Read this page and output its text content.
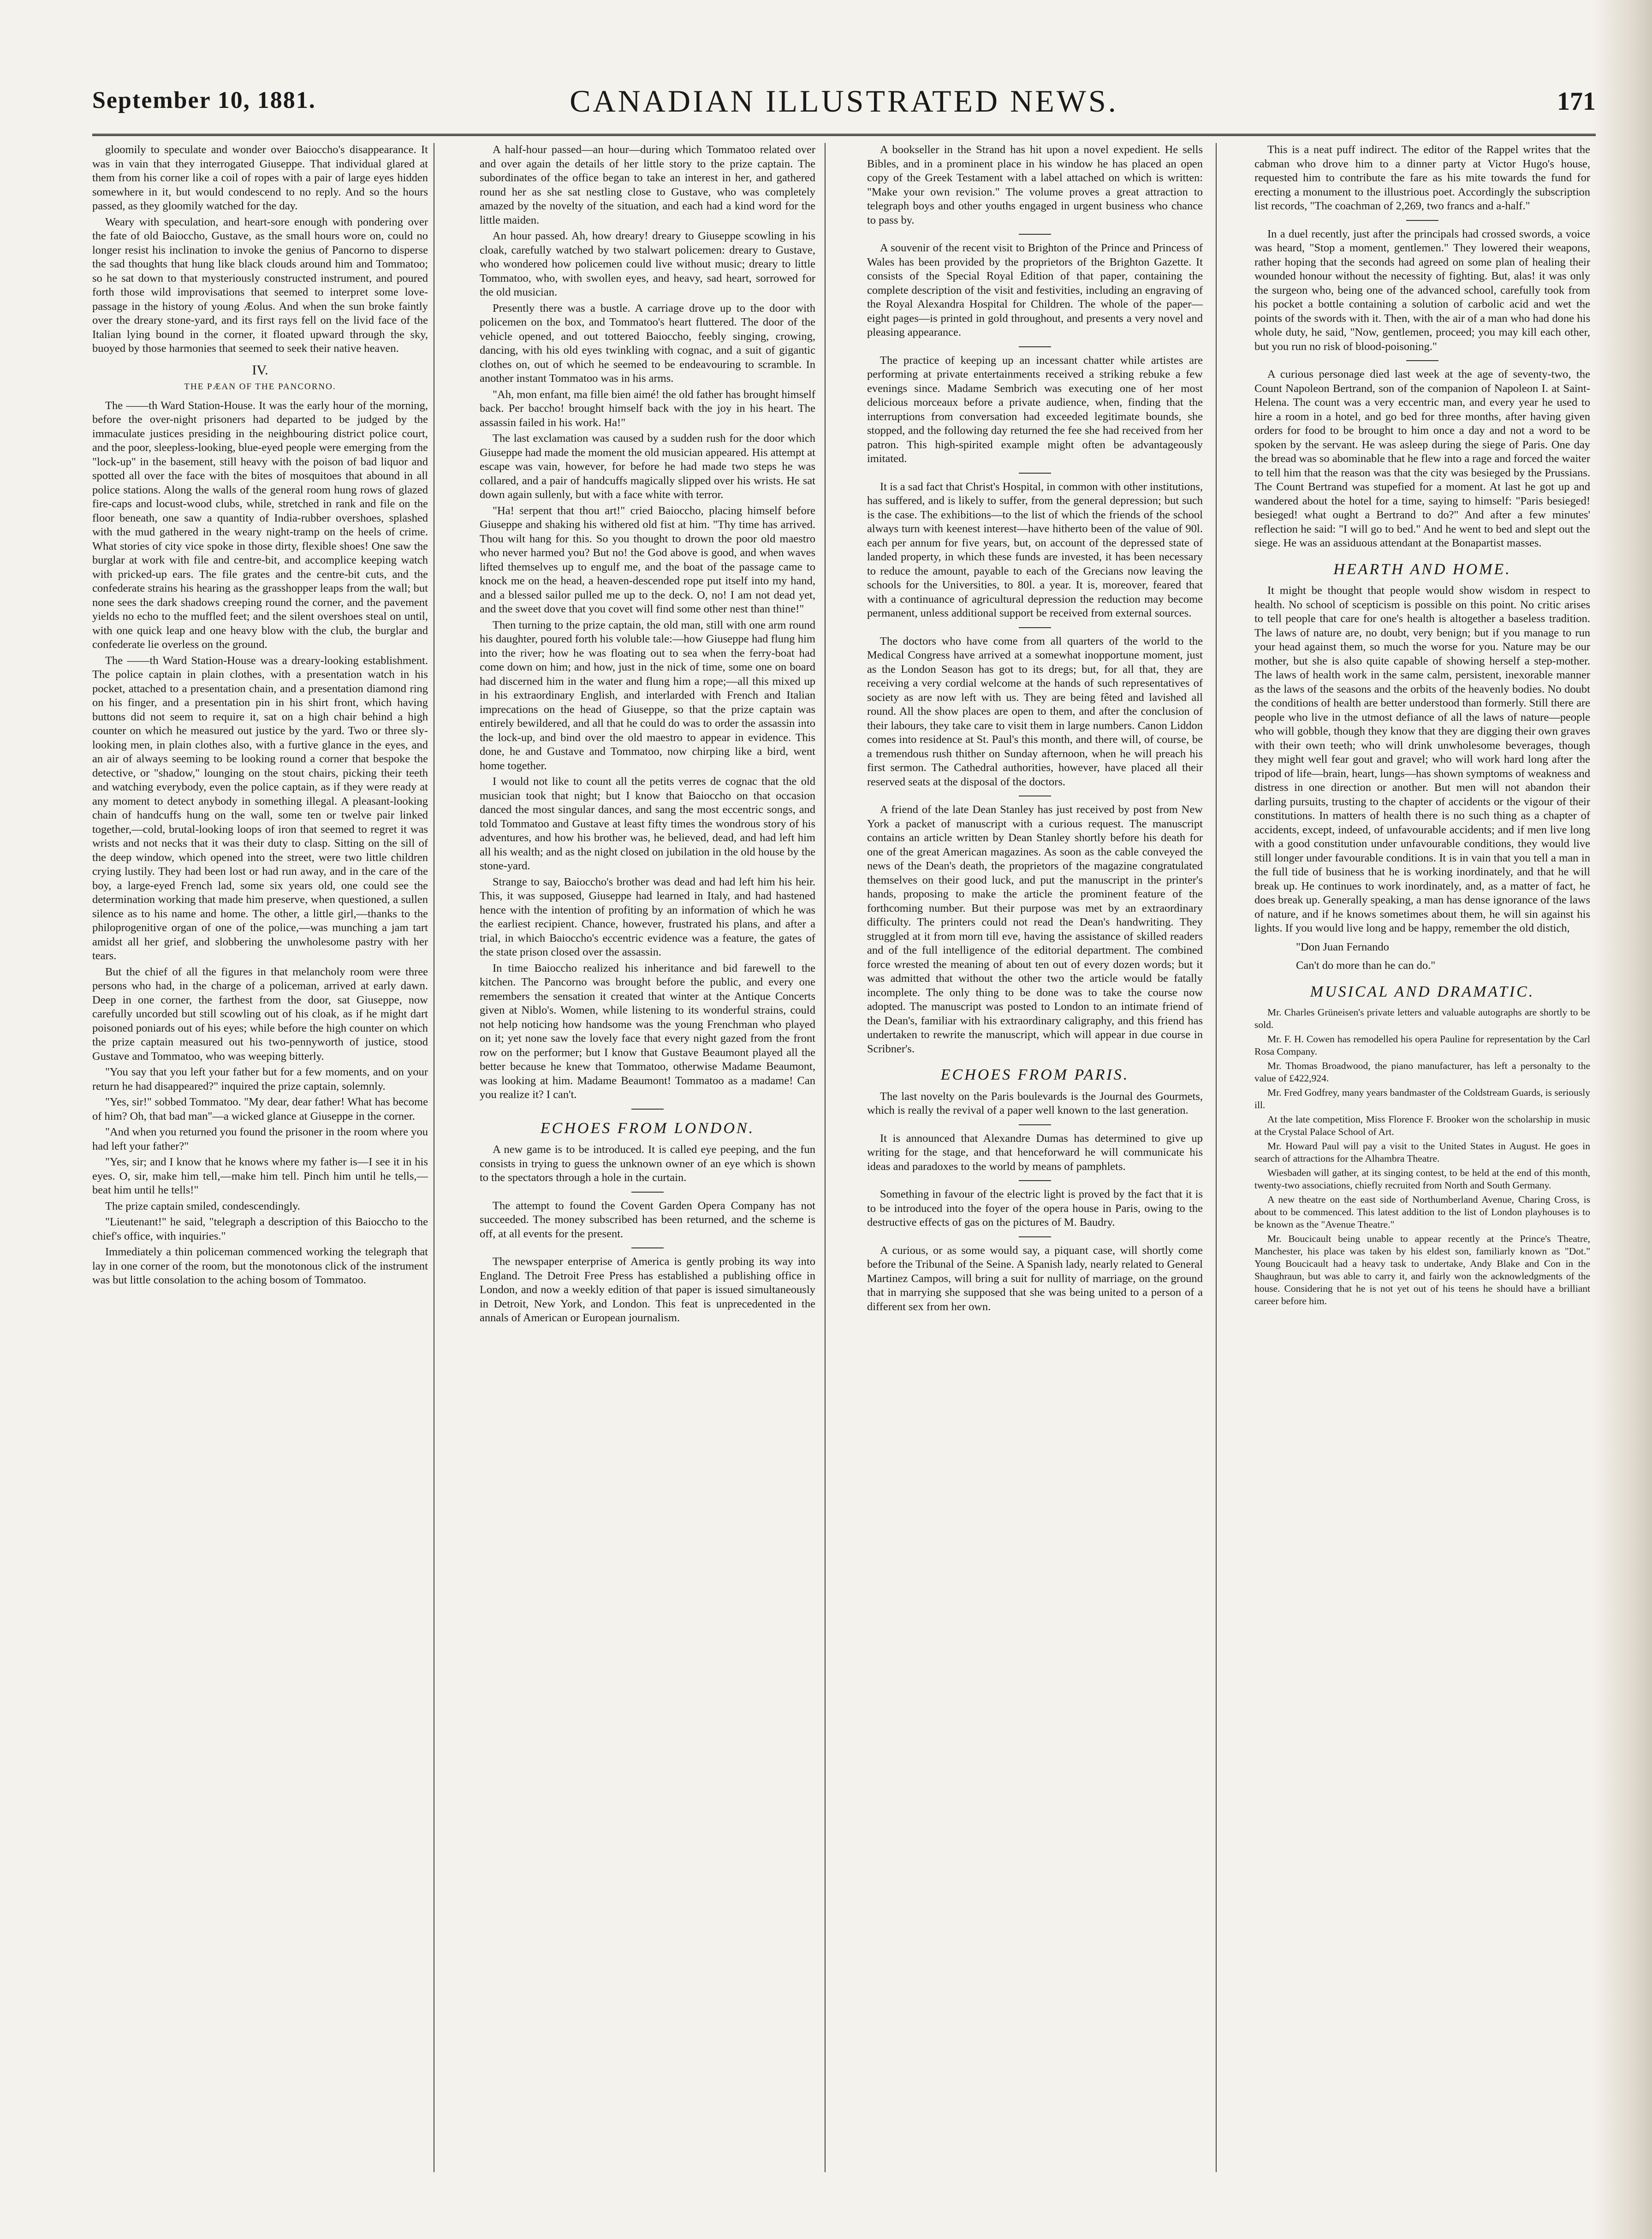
CANADIAN ILLUSTRATED NEWS.
September 10, 1881.	171

gloomily to speculate and wonder over Baioccho's disappearance. It was in vain that they interrogated Giuseppe. That individual glared at them from his corner like a coil of ropes with a pair of large eyes hidden somewhere in it, but would condescend to no reply. And so the hours passed, as they gloomily watched for the day.

Weary with speculation, and heart-sore enough with pondering over the fate of old Baioccho, Gustave, as the small hours wore on, could no longer resist his inclination to invoke the genius of Pancorno to disperse the sad thoughts that hung like black clouds around him and Tommatoo; so he sat down to that mysteriously constructed instrument, and poured forth those wild improvisations that seemed to interpret some love-passage in the history of young Æolus. And when the sun broke faintly over the dreary stone-yard, and its first rays fell on the livid face of the Italian lying bound in the corner, it floated upward through the sky, buoyed by those harmonies that seemed to seek their native heaven.

IV.
THE PÆAN OF THE PANCORNO.

The ——th Ward Station-House. It was the early hour of the morning, before the over-night prisoners had departed to be judged by the immaculate justices presiding in the neighbouring district police court, and the poor, sleepless-looking, blue-eyed people were emerging from the "lock-up" in the basement, still heavy with the poison of bad liquor and spotted all over the face with the bites of mosquitoes that abound in all police stations. Along the walls of the general room hung rows of glazed fire-caps and locust-wood clubs, while, stretched in rank and file on the floor beneath, one saw a quantity of India-rubber overshoes, splashed with the mud gathered in the weary night-tramp on the heels of crime. What stories of city vice spoke in those dirty, flexible shoes! One saw the burglar at work with file and centre-bit, and accomplice keeping watch with pricked-up ears. The file grates and the centre-bit cuts, and the confederate strains his hearing as the grasshopper leaps from the wall; but none sees the dark shadows creeping round the corner, and the pavement yields no echo to the muffled feet; and the silent overshoes steal on until, with one quick leap and one heavy blow with the club, the burglar and confederate lie overless on the ground.

The ——th Ward Station-House was a dreary-looking establishment. The police captain in plain clothes, with a presentation watch in his pocket, attached to a presentation chain, and a presentation diamond ring on his finger, and a presentation pin in his shirt front, which having buttons did not seem to require it, sat on a high chair behind a high counter on which he measured out justice by the yard. Two or three sly-looking men, in plain clothes also, with a furtive glance in the eyes, and an air of always seeming to be looking round a corner that bespoke the detective, or "shadow," lounging on the stout chairs, picking their teeth and watching everybody, even the police captain, as if they were ready at any moment to detect anybody in something illegal. A pleasant-looking chain of handcuffs hung on the wall, some ten or twelve pair linked together,—cold, brutal-looking loops of iron that seemed to regret it was wrists and not necks that it was their duty to clasp. Sitting on the sill of the deep window, which opened into the street, were two little children crying lustily. They had been lost or had run away, and in the care of the boy, a large-eyed French lad, some six years old, one could see the determination working that made him preserve, when questioned, a sullen silence as to his name and home. The other, a little girl,—thanks to the philoprogenitive organ of one of the police,—was munching a jam tart amidst all her grief, and slobbering the unwholesome pastry with her tears.

But the chief of all the figures in that melancholy room were three persons who had, in the charge of a policeman, arrived at early dawn. Deep in one corner, the farthest from the door, sat Giuseppe, now carefully uncorded but still scowling out of his cloak, as if he might dart poisoned poniards out of his eyes; while before the high counter on which the prize captain measured out his two-pennyworth of justice, stood Gustave and Tommatoo, who was weeping bitterly.

"You say that you left your father but for a few moments, and on your return he had disappeared?" inquired the prize captain, solemnly.

"Yes, sir!" sobbed Tommatoo. "My dear, dear father! What has become of him? Oh, that bad man"—a wicked glance at Giuseppe in the corner.

"And when you returned you found the prisoner in the room where you had left your father?"

"Yes, sir; and I know that he knows where my father is—I see it in his eyes. O, sir, make him tell,—make him tell. Pinch him until he tells,—beat him until he tells!"

The prize captain smiled, condescendingly.

"Lieutenant!" he said, "telegraph a description of this Baioccho to the chief's office, with inquiries."

Immediately a thin policeman commenced working the telegraph that lay in one corner of the room, but the monotonous click of the instrument was but little consolation to the aching bosom of Tommatoo.

A half-hour passed—an hour—during which Tommatoo related over and over again the details of her little story to the prize captain. The subordinates of the office began to take an interest in her, and gathered round her as she sat nestling close to Gustave, who was completely amazed by the novelty of the situation, and each had a kind word for the little maiden.

An hour passed. Ah, how dreary! dreary to Giuseppe scowling in his cloak, carefully watched by two stalwart policemen: dreary to Gustave, who wondered how policemen could live without music; dreary to little Tommatoo, who, with swollen eyes, and heavy, sad heart, sorrowed for the old musician.

Presently there was a bustle. A carriage drove up to the door with policemen on the box, and Tommatoo's heart fluttered. The door of the vehicle opened, and out tottered Baioccho, feebly singing, crowing, dancing, with his old eyes twinkling with cognac, and a suit of gigantic clothes on, out of which he seemed to be endeavouring to scramble. In another instant Tommatoo was in his arms.

"Ah, mon enfant, ma fille bien aimé! the old father has brought himself back. Per baccho! brought himself back with the joy in his heart. The assassin failed in his work. Ha!"

The last exclamation was caused by a sudden rush for the door which Giuseppe had made the moment the old musician appeared. His attempt at escape was vain, however, for before he had made two steps he was collared, and a pair of handcuffs magically slipped over his wrists. He sat down again sullenly, but with a face white with terror.

"Ha! serpent that thou art!" cried Baioccho, placing himself before Giuseppe and shaking his withered old fist at him. "Thy time has arrived. Thou wilt hang for this. So you thought to drown the poor old maestro who never harmed you? But no! the God above is good, and when waves lifted themselves up to engulf me, and the boat of the passage came to knock me on the head, a heaven-descended rope put itself into my hand, and a blessed sailor pulled me up to the deck. O, no! I am not dead yet, and the sweet dove that you covet will find some other nest than thine!"

Then turning to the prize captain, the old man, still with one arm round his daughter, poured forth his voluble tale:—how Giuseppe had flung him into the river; how he was floating out to sea when the ferry-boat had come down on him; and how, just in the nick of time, some one on board had discerned him in the water and flung him a rope;—all this mixed up in his extraordinary English, and interlarded with French and Italian imprecations on the head of Giuseppe, so that the prize captain was entirely bewildered, and all that he could do was to order the assassin into the lock-up, and bind over the old maestro to appear in evidence. This done, he and Gustave and Tommatoo, now chirping like a bird, went home together.

I would not like to count all the petits verres de cognac that the old musician took that night; but I know that Baioccho on that occasion danced the most singular dances, and sang the most eccentric songs, and told Tommatoo and Gustave at least fifty times the wondrous story of his adventures, and how his brother was, he believed, dead, and had left him all his wealth; and as the night closed on jubilation in the old house by the stone-yard.

Strange to say, Baioccho's brother was dead and had left him his heir. This, it was supposed, Giuseppe had learned in Italy, and had hastened hence with the intention of profiting by an information of which he was the earliest recipient. Chance, however, frustrated his plans, and after a trial, in which Baioccho's eccentric evidence was a feature, the gates of the state prison closed over the assassin.

In time Baioccho realized his inheritance and bid farewell to the kitchen. The Pancorno was brought before the public, and every one remembers the sensation it created that winter at the Antique Concerts given at Niblo's. Women, while listening to its wonderful strains, could not help noticing how handsome was the young Frenchman who played on it; yet none saw the lovely face that every night gazed from the front row on the performer; but I know that Gustave Beaumont played all the better because he knew that Tommatoo, otherwise Madame Beaumont, was looking at him. Madame Beaumont! Tommatoo as a madame! Can you realize it? I can't.

ECHOES FROM LONDON.

A new game is to be introduced. It is called eye peeping, and the fun consists in trying to guess the unknown owner of an eye which is shown to the spectators through a hole in the curtain.

The attempt to found the Covent Garden Opera Company has not succeeded. The money subscribed has been returned, and the scheme is off, at all events for the present.

The newspaper enterprise of America is gently probing its way into England. The Detroit Free Press has established a publishing office in London, and now a weekly edition of that paper is issued simultaneously in Detroit, New York, and London. This feat is unprecedented in the annals of American or European journalism.

A bookseller in the Strand has hit upon a novel expedient. He sells Bibles, and in a prominent place in his window he has placed an open copy of the Greek Testament with a label attached on which is written: "Make your own revision." The volume proves a great attraction to telegraph boys and other youths engaged in urgent business who chance to pass by.

A souvenir of the recent visit to Brighton of the Prince and Princess of Wales has been provided by the proprietors of the Brighton Gazette. It consists of the Special Royal Edition of that paper, containing the complete description of the visit and festivities, including an engraving of the Royal Alexandra Hospital for Children. The whole of the paper—eight pages—is printed in gold throughout, and presents a very novel and pleasing appearance.

The practice of keeping up an incessant chatter while artistes are performing at private entertainments received a striking rebuke a few evenings since. Madame Sembrich was executing one of her most delicious morceaux before a private audience, when, finding that the interruptions from conversation had exceeded legitimate bounds, she stopped, and the following day returned the fee she had received from her patron. This high-spirited example might often be advantageously imitated.

It is a sad fact that Christ's Hospital, in common with other institutions, has suffered, and is likely to suffer, from the general depression; but such is the case. The exhibitions—to the list of which the friends of the school always turn with keenest interest—have hitherto been of the value of 90l. each per annum for five years, but, on account of the depressed state of landed property, in which these funds are invested, it has been necessary to reduce the amount, payable to each of the Grecians now leaving the schools for the Universities, to 80l. a year. It is, moreover, feared that with a continuance of agricultural depression the reduction may become permanent, unless additional support be received from external sources.

The doctors who have come from all quarters of the world to the Medical Congress have arrived at a somewhat inopportune moment, just as the London Season has got to its dregs; but, for all that, they are receiving a very cordial welcome at the hands of such representatives of society as are now left with us. They are being fêted and lavished all round. All the show places are open to them, and after the conclusion of their labours, they take care to visit them in large numbers. Canon Liddon comes into residence at St. Paul's this month, and there will, of course, be a tremendous rush thither on Sunday afternoon, when he will preach his first sermon. The Cathedral authorities, however, have placed all their reserved seats at the disposal of the doctors.

A friend of the late Dean Stanley has just received by post from New York a packet of manuscript with a curious request. The manuscript contains an article written by Dean Stanley shortly before his death for one of the great American magazines. As soon as the cable conveyed the news of the Dean's death, the proprietors of the magazine congratulated themselves on their good luck, and put the manuscript in the printer's hands, proposing to make the article the prominent feature of the forthcoming number. But their purpose was met by an extraordinary difficulty. The printers could not read the Dean's handwriting. They struggled at it from morn till eve, having the assistance of skilled readers and of the full intelligence of the editorial department. The combined force wrested the meaning of about ten out of every dozen words; but it was admitted that without the other two the article would be fatally incomplete. The only thing to be done was to take the course now adopted. The manuscript was posted to London to an intimate friend of the Dean's, familiar with his extraordinary caligraphy, and this friend has undertaken to rewrite the manuscript, which will appear in due course in Scribner's.

ECHOES FROM PARIS.

The last novelty on the Paris boulevards is the Journal des Gourmets, which is really the revival of a paper well known to the last generation.

It is announced that Alexandre Dumas has determined to give up writing for the stage, and that henceforward he will communicate his ideas and paradoxes to the world by means of pamphlets.

Something in favour of the electric light is proved by the fact that it is to be introduced into the foyer of the opera house in Paris, owing to the destructive effects of gas on the pictures of M. Baudry.

A curious, or as some would say, a piquant case, will shortly come before the Tribunal of the Seine. A Spanish lady, nearly related to General Martinez Campos, will bring a suit for nullity of marriage, on the ground that in marrying she supposed that she was being united to a person of a different sex from her own.

This is a neat puff indirect. The editor of the Rappel writes that the cabman who drove him to a dinner party at Victor Hugo's house, requested him to contribute the fare as his mite towards the fund for erecting a monument to the illustrious poet. Accordingly the subscription list records, "The coachman of 2,269, two francs and a-half."

In a duel recently, just after the principals had crossed swords, a voice was heard, "Stop a moment, gentlemen." They lowered their weapons, rather hoping that the seconds had agreed on some plan of healing their wounded honour without the necessity of fighting. But, alas! it was only the surgeon who, being one of the advanced school, carefully took from his pocket a bottle containing a solution of carbolic acid and wet the points of the swords with it. Then, with the air of a man who had done his whole duty, he said, "Now, gentlemen, proceed; you may kill each other, but you run no risk of blood-poisoning."

A curious personage died last week at the age of seventy-two, the Count Napoleon Bertrand, son of the companion of Napoleon I. at Saint-Helena. The count was a very eccentric man, and every year he used to hire a room in a hotel, and go bed for three months, after having given orders for food to be brought to him once a day and not a word to be spoken by the servant. He was asleep during the siege of Paris. One day the bread was so abominable that he flew into a rage and forced the waiter to tell him that the reason was that the city was besieged by the Prussians. The Count Bertrand was stupefied for a moment. At last he got up and wandered about the hotel for a time, saying to himself: "Paris besieged! besieged! what ought a Bertrand to do?" And after a few minutes' reflection he said: "I will go to bed." And he went to bed and slept out the siege. He was an assiduous attendant at the Bonapartist masses.

HEARTH AND HOME.

It might be thought that people would show wisdom in respect to health. No school of scepticism is possible on this point. No critic arises to tell people that care for one's health is altogether a baseless tradition. The laws of nature are, no doubt, very benign; but if you manage to run your head against them, so much the worse for you. Nature may be our mother, but she is also quite capable of showing herself a step-mother. The laws of health work in the same calm, persistent, inexorable manner as the laws of the seasons and the orbits of the heavenly bodies. No doubt the conditions of health are better understood than formerly. Still there are people who live in the utmost defiance of all the laws of nature—people who will gobble, though they know that they are digging their own graves with their own teeth; who will drink unwholesome beverages, though they might well fear gout and gravel; who will work hard long after the tripod of life—brain, heart, lungs—has shown symptoms of weakness and distress in one direction or another. But men will not abandon their darling pursuits, trusting to the chapter of accidents or the vigour of their constitutions. In matters of health there is no such thing as a chapter of accidents, except, indeed, of unfavourable accidents; and if men live long with a good constitution under unfavourable conditions, they would live still longer under favourable conditions. It is in vain that you tell a man in the full tide of business that he is working inordinately, and that he will break up. He continues to work inordinately, and, as a matter of fact, he does break up. Generally speaking, a man has dense ignorance of the laws of nature, and if he knows sometimes about them, he will sin against his lights. If you would live long and be happy, remember the old distich,

"Don Juan Fernando

Can't do more than he can do."

MUSICAL AND DRAMATIC.

Mr. Charles Grüneisen's private letters and valuable autographs are shortly to be sold.

Mr. F. H. Cowen has remodelled his opera Pauline for representation by the Carl Rosa Company.

Mr. Thomas Broadwood, the piano manufacturer, has left a personalty to the value of £422,924.

Mr. Fred Godfrey, many years bandmaster of the Coldstream Guards, is seriously ill.

At the late competition, Miss Florence F. Brooker won the scholarship in music at the Crystal Palace School of Art.

Mr. Howard Paul will pay a visit to the United States in August. He goes in search of attractions for the Alhambra Theatre.

Wiesbaden will gather, at its singing contest, to be held at the end of this month, twenty-two associations, chiefly recruited from North and South Germany.

A new theatre on the east side of Northumberland Avenue, Charing Cross, is about to be commenced. This latest addition to the list of London playhouses is to be known as the "Avenue Theatre."

Mr. Boucicault being unable to appear recently at the Prince's Theatre, Manchester, his place was taken by his eldest son, familiarly known as "Dot." Young Boucicault had a heavy task to undertake, Andy Blake and Con in the Shaughraun, but was able to carry it, and fairly won the acknowledgments of the house. Considering that he is not yet out of his teens he should have a brilliant career before him.
